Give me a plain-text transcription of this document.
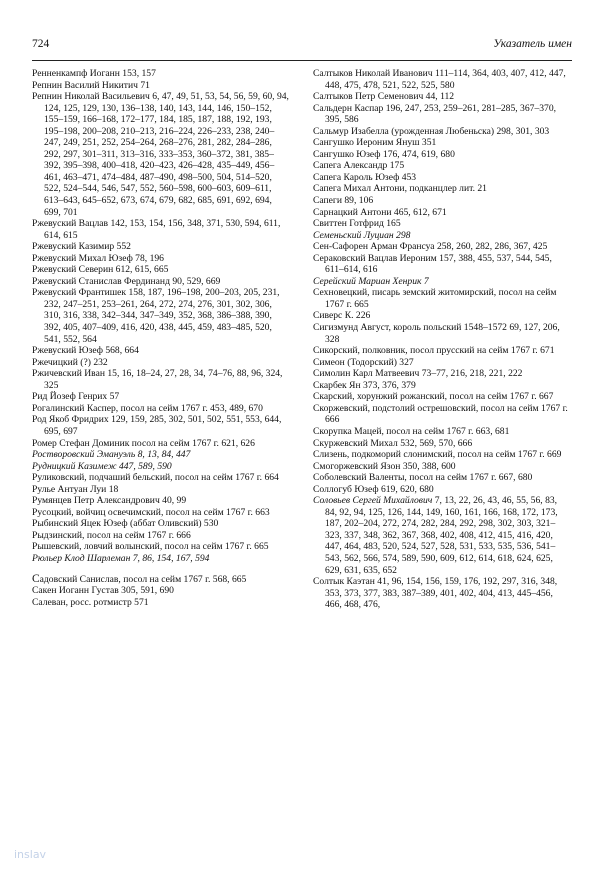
724	Указатель имен

Ренненкампф Иоганн 153, 157

Репнин Василий Никитич 71

Репнин Николай Васильевич 6, 47, 49, 51, 53, 54, 56, 59, 60, 94, 124, 125, 129, 130, 136–138, 140, 143, 144, 146, 150–152, 155–159, 166–168, 172–177, 184, 185, 187, 188, 192, 193, 195–198, 200–208, 210–213, 216–224, 226–233, 238, 240–247, 249, 251, 252, 254–264, 268–276, 281, 282, 284–286, 292, 297, 301–311, 313–316, 333–353, 360–372, 381, 385–392, 395–398, 400–418, 420–423, 426–428, 435–449, 456–461, 463–471, 474–484, 487–490, 498–500, 504, 514–520, 522, 524–544, 546, 547, 552, 560–598, 600–603, 609–611, 613–643, 645–652, 673, 674, 679, 682, 685, 691, 692, 694, 699, 701

Ржевуский Вацлав 142, 153, 154, 156, 348, 371, 530, 594, 611, 614, 615

Ржевуский Казимир 552

Ржевуский Михал Юзеф 78, 196

Ржевуский Северин 612, 615, 665

Ржевуский Станислав Фердинанд 90, 529, 669

Ржевуский Франтишек 158, 187, 196–198, 200–203, 205, 231, 232, 247–251, 253–261, 264, 272, 274, 276, 301, 302, 306, 310, 316, 338, 342–344, 347–349, 352, 368, 386–388, 390, 392, 405, 407–409, 416, 420, 438, 445, 459, 483–485, 520, 541, 552, 564

Ржевуский Юзеф 568, 664

Ржечицкий (?) 232

Ржичевский Иван 15, 16, 18–24, 27, 28, 34, 74–76, 88, 96, 324, 325

Рид Йозеф Генрих 57

Рогалинский Каспер, посол на сейм 1767 г. 453, 489, 670

Род Якоб Фридрих 129, 159, 285, 302, 501, 502, 551, 553, 644, 695, 697

Ромер Стефан Доминик посол на сейм 1767 г. 621, 626

Ростворовский Эмануэль 8, 13, 84, 447

Рудницкий Казимеж 447, 589, 590

Руликовский, подчаший бельский, посол на сейм 1767 г. 664

Рулье Антуан Луи 18

Румянцев Петр Александрович 40, 99

Русоцкий, войчиц освечимский, посол на сейм 1767 г. 663

Рыбинский Яцек Юзеф (аббат Оливский) 530

Рыдзинский, посол на сейм 1767 г. 666

Рышевский, ловчий волынский, посол на сейм 1767 г. 665

Рюльер Клод Шарлеман 7, 86, 154, 167, 594

Садовский Санислав, посол на сейм 1767 г. 568, 665

Сакен Иоганн Густав 305, 591, 690

Салеван, росс. ротмистр 571

Салтыков Николай Иванович 111–114, 364, 403, 407, 412, 447, 448, 475, 478, 521, 522, 525, 580

Салтыков Петр Семенович 44, 112

Сальдерн Каспар 196, 247, 253, 259–261, 281–285, 367–370, 395, 586

Сальмур Изабелла (урожденная Любеньска) 298, 301, 303

Сангушко Иероним Януш 351

Сангушко Юзеф 176, 474, 619, 680

Сапега Александр 175

Сапега Кароль Юзеф 453

Сапега Михал Антони, подканцлер лит. 21

Сапеги 89, 106

Сарнацкий Антони 465, 612, 671

Свиттен Готфрид 165

Семеньский Луциан 298

Сен-Сафорен Арман Франсуа 258, 260, 282, 286, 367, 425

Сераковский Вацлав Иероним 157, 388, 455, 537, 544, 545, 611–614, 616

Серейский Мариан Хенрик 7

Сехновецкий, писарь земский житомирский, посол на сейм 1767 г. 665

Сиверс К. 226

Сигизмунд Август, король польский 1548–1572 69, 127, 206, 328

Сикорский, полковник, посол прусский на сейм 1767 г. 671

Симеон (Тодорский) 327

Симолин Карл Матвеевич 73–77, 216, 218, 221, 222

Скарбек Ян 373, 376, 379

Скарский, хорунжий рожанский, посол на сейм 1767 г. 667

Скоржевский, подстолий острешовский, посол на сейм 1767 г. 666

Скорупка Мацей, посол на сейм 1767 г. 663, 681

Скуржевский Михал 532, 569, 570, 666

Слизень, подкоморий слонимский, посол на сейм 1767 г. 669

Смогоржевский Язон 350, 388, 600

Соболевский Валенты, посол на сейм 1767 г. 667, 680

Соллогуб Юзеф 619, 620, 680

Соловьев Сергей Михайлович 7, 13, 22, 26, 43, 46, 55, 56, 83, 84, 92, 94, 125, 126, 144, 149, 160, 161, 166, 168, 172, 173, 187, 202–204, 272, 274, 282, 284, 292, 298, 302, 303, 321–323, 337, 348, 362, 367, 368, 402, 408, 412, 415, 416, 420, 447, 464, 483, 520, 524, 527, 528, 531, 533, 535, 536, 541–543, 562, 566, 574, 589, 590, 609, 612, 614, 618, 624, 625, 629, 631, 635, 652

Солтык Каэтан 41, 96, 154, 156, 159, 176, 192, 297, 316, 348, 353, 373, 377, 383, 387–389, 401, 402, 404, 413, 445–456, 466, 468, 476,

inslav
